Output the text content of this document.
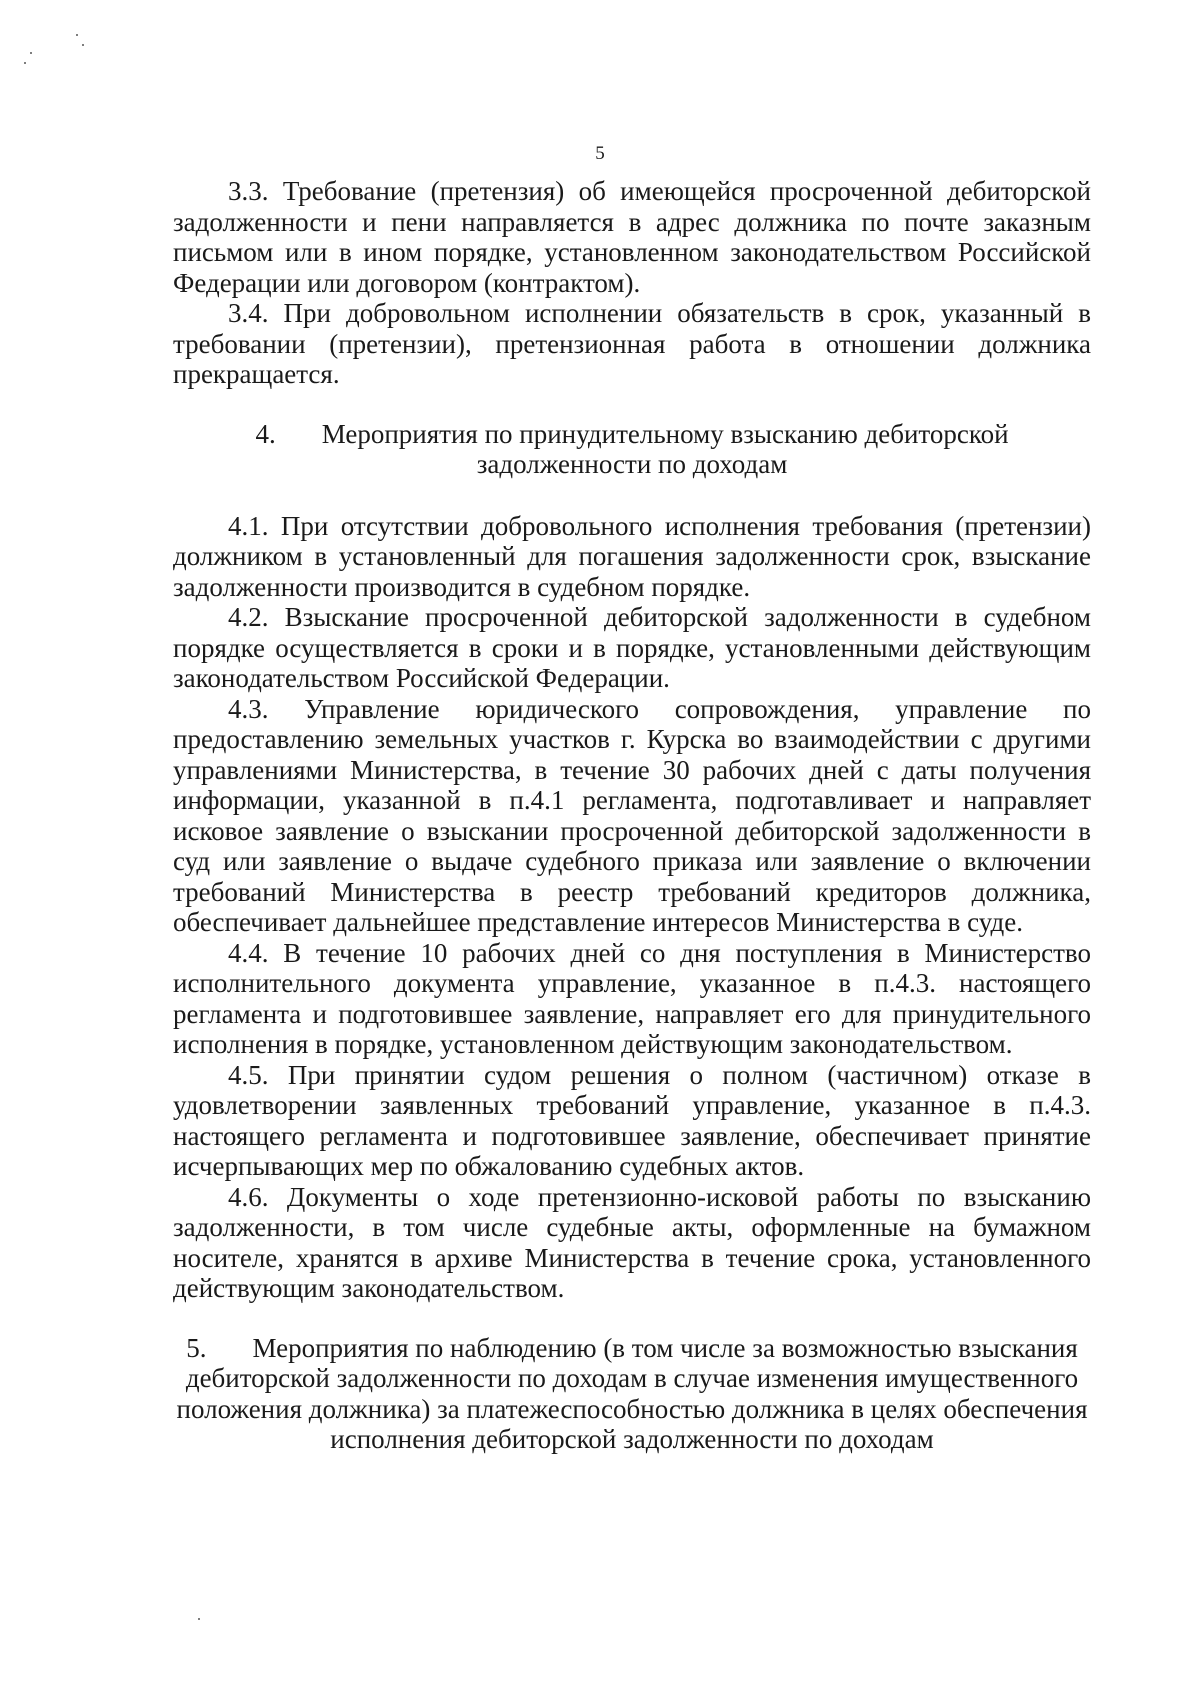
5

3.3. Требование (претензия) об имеющейся просроченной дебиторской задолженности и пени направляется в адрес должника по почте заказным письмом или в ином порядке, установленном законодательством Российской Федерации или договором (контрактом).

3.4. При добровольном исполнении обязательств в срок, указанный в требовании (претензии), претензионная работа в отношении должника прекращается.

4. Мероприятия по принудительному взысканию дебиторской задолженности по доходам

4.1. При отсутствии добровольного исполнения требования (претензии) должником в установленный для погашения задолженности срок, взыскание задолженности производится в судебном порядке.

4.2. Взыскание просроченной дебиторской задолженности в судебном порядке осуществляется в сроки и в порядке, установленными действующим законодательством Российской Федерации.

4.3. Управление юридического сопровождения, управление по предоставлению земельных участков г. Курска во взаимодействии с другими управлениями Министерства, в течение 30 рабочих дней с даты получения информации, указанной в п.4.1 регламента, подготавливает и направляет исковое заявление о взыскании просроченной дебиторской задолженности в суд или заявление о выдаче судебного приказа или заявление о включении требований Министерства в реестр требований кредиторов должника, обеспечивает дальнейшее представление интересов Министерства в суде.

4.4. В течение 10 рабочих дней со дня поступления в Министерство исполнительного документа управление, указанное в п.4.3. настоящего регламента и подготовившее заявление, направляет его для принудительного исполнения в порядке, установленном действующим законодательством.

4.5. При принятии судом решения о полном (частичном) отказе в удовлетворении заявленных требований управление, указанное в п.4.3. настоящего регламента и подготовившее заявление, обеспечивает принятие исчерпывающих мер по обжалованию судебных актов.

4.6. Документы о ходе претензионно-исковой работы по взысканию задолженности, в том числе судебные акты, оформленные на бумажном носителе, хранятся в архиве Министерства в течение срока, установленного действующим законодательством.

5. Мероприятия по наблюдению (в том числе за возможностью взыскания дебиторской задолженности по доходам в случае изменения имущественного положения должника) за платежеспособностью должника в целях обеспечения исполнения дебиторской задолженности по доходам
